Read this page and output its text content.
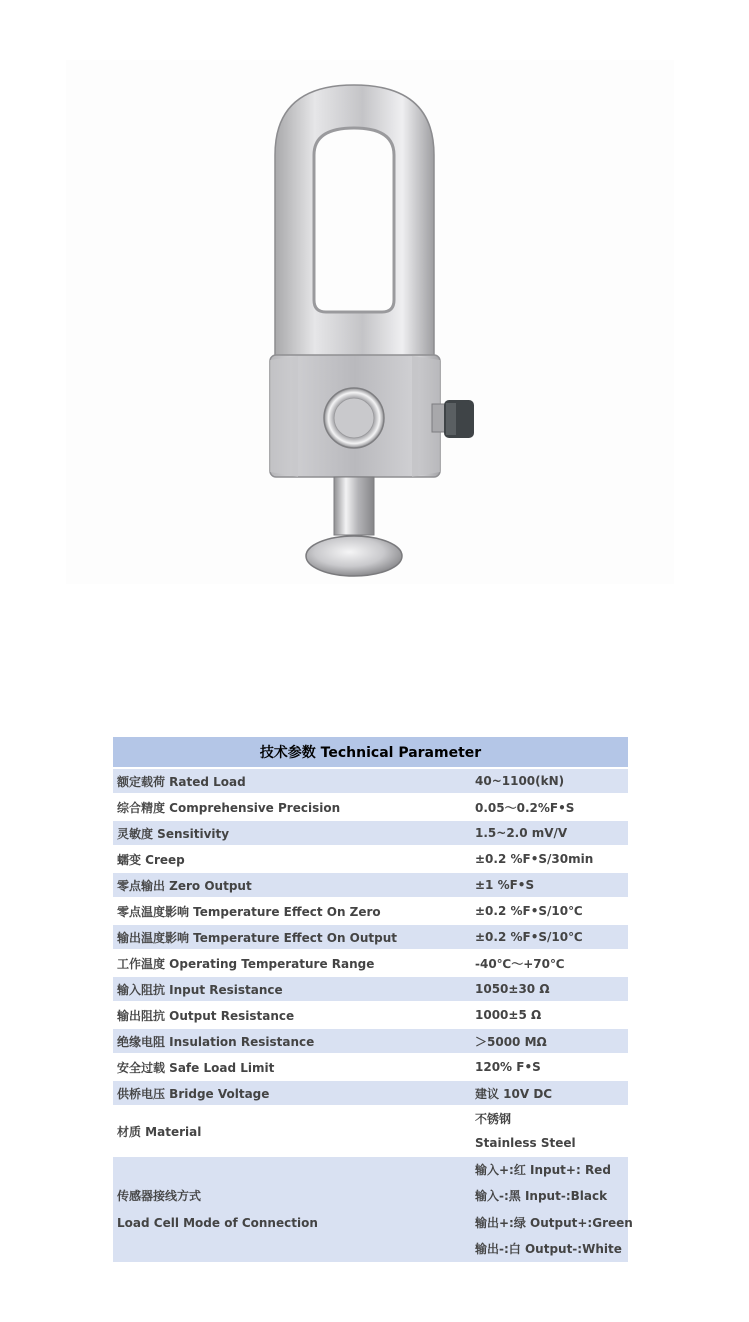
技术参数 Technical Parameter	
额定载荷 Rated Load	40~1100(kN)
综合精度 Comprehensive Precision	0.05～0.2%F•S
灵敏度 Sensitivity	1.5~2.0 mV/V
蠕变 Creep	±0.2 %F•S/30min
零点输出 Zero Output	±1 %F•S
零点温度影响 Temperature Effect On Zero	±0.2 %F•S/10℃
输出温度影响 Temperature Effect On Output	±0.2 %F•S/10℃
工作温度 Operating Temperature Range	-40℃～+70℃
输入阻抗 Input Resistance	1050±30 Ω
输出阻抗 Output Resistance	1000±5 Ω
绝缘电阻 Insulation Resistance	＞5000 MΩ
安全过载 Safe Load Limit	120% F•S
供桥电压 Bridge Voltage	建议 10V DC
材质 Material	不锈钢
Stainless Steel

传感器接线方式
Load Cell Mode of Connection	输入+:红 Input+: Red
输入-:黑 Input-:Black
输出+:绿 Output+:Green
输出-:白 Output-:White
